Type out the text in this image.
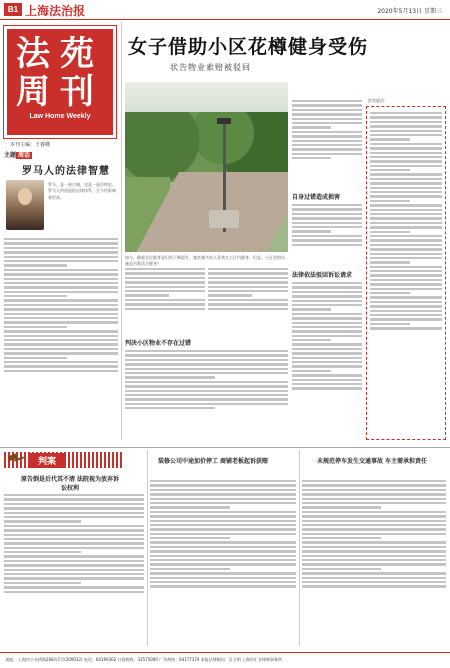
B1 上海法治报	2020年5月13日 星期三
法苑周刊
Law Home Weekly
本刊主编：王睿卿
主题 周话
罗马人的法律智慧
罗马，是一座古城，也是一部法律史。罗马人所创造的法律体系，至今仍影响着世界。
女子借助小区花樽健身受伤
状告物业索赔被驳回
如今，随着全民健身意识的不断提升，越来越多的人喜欢在小区内健身。但是，小区里的设施是否都适合健身？
判决小区物业不存在过错
自身过错造成损害
法律依法驳回诉讼请求
法官说法：
判案
原告倒是后代其不清 法院视为放弃诉讼权利
装修公司中途加价停工 商铺老板起诉获赔	未规范停车发生交通事故 车主需承担责任
地址：上海市小木桥路268弄1号(200032) 电话：64169302 订阅热线：33575000 广告热线：64177374 本报法律顾问：吴卫明 上海市汇业律师事务所
